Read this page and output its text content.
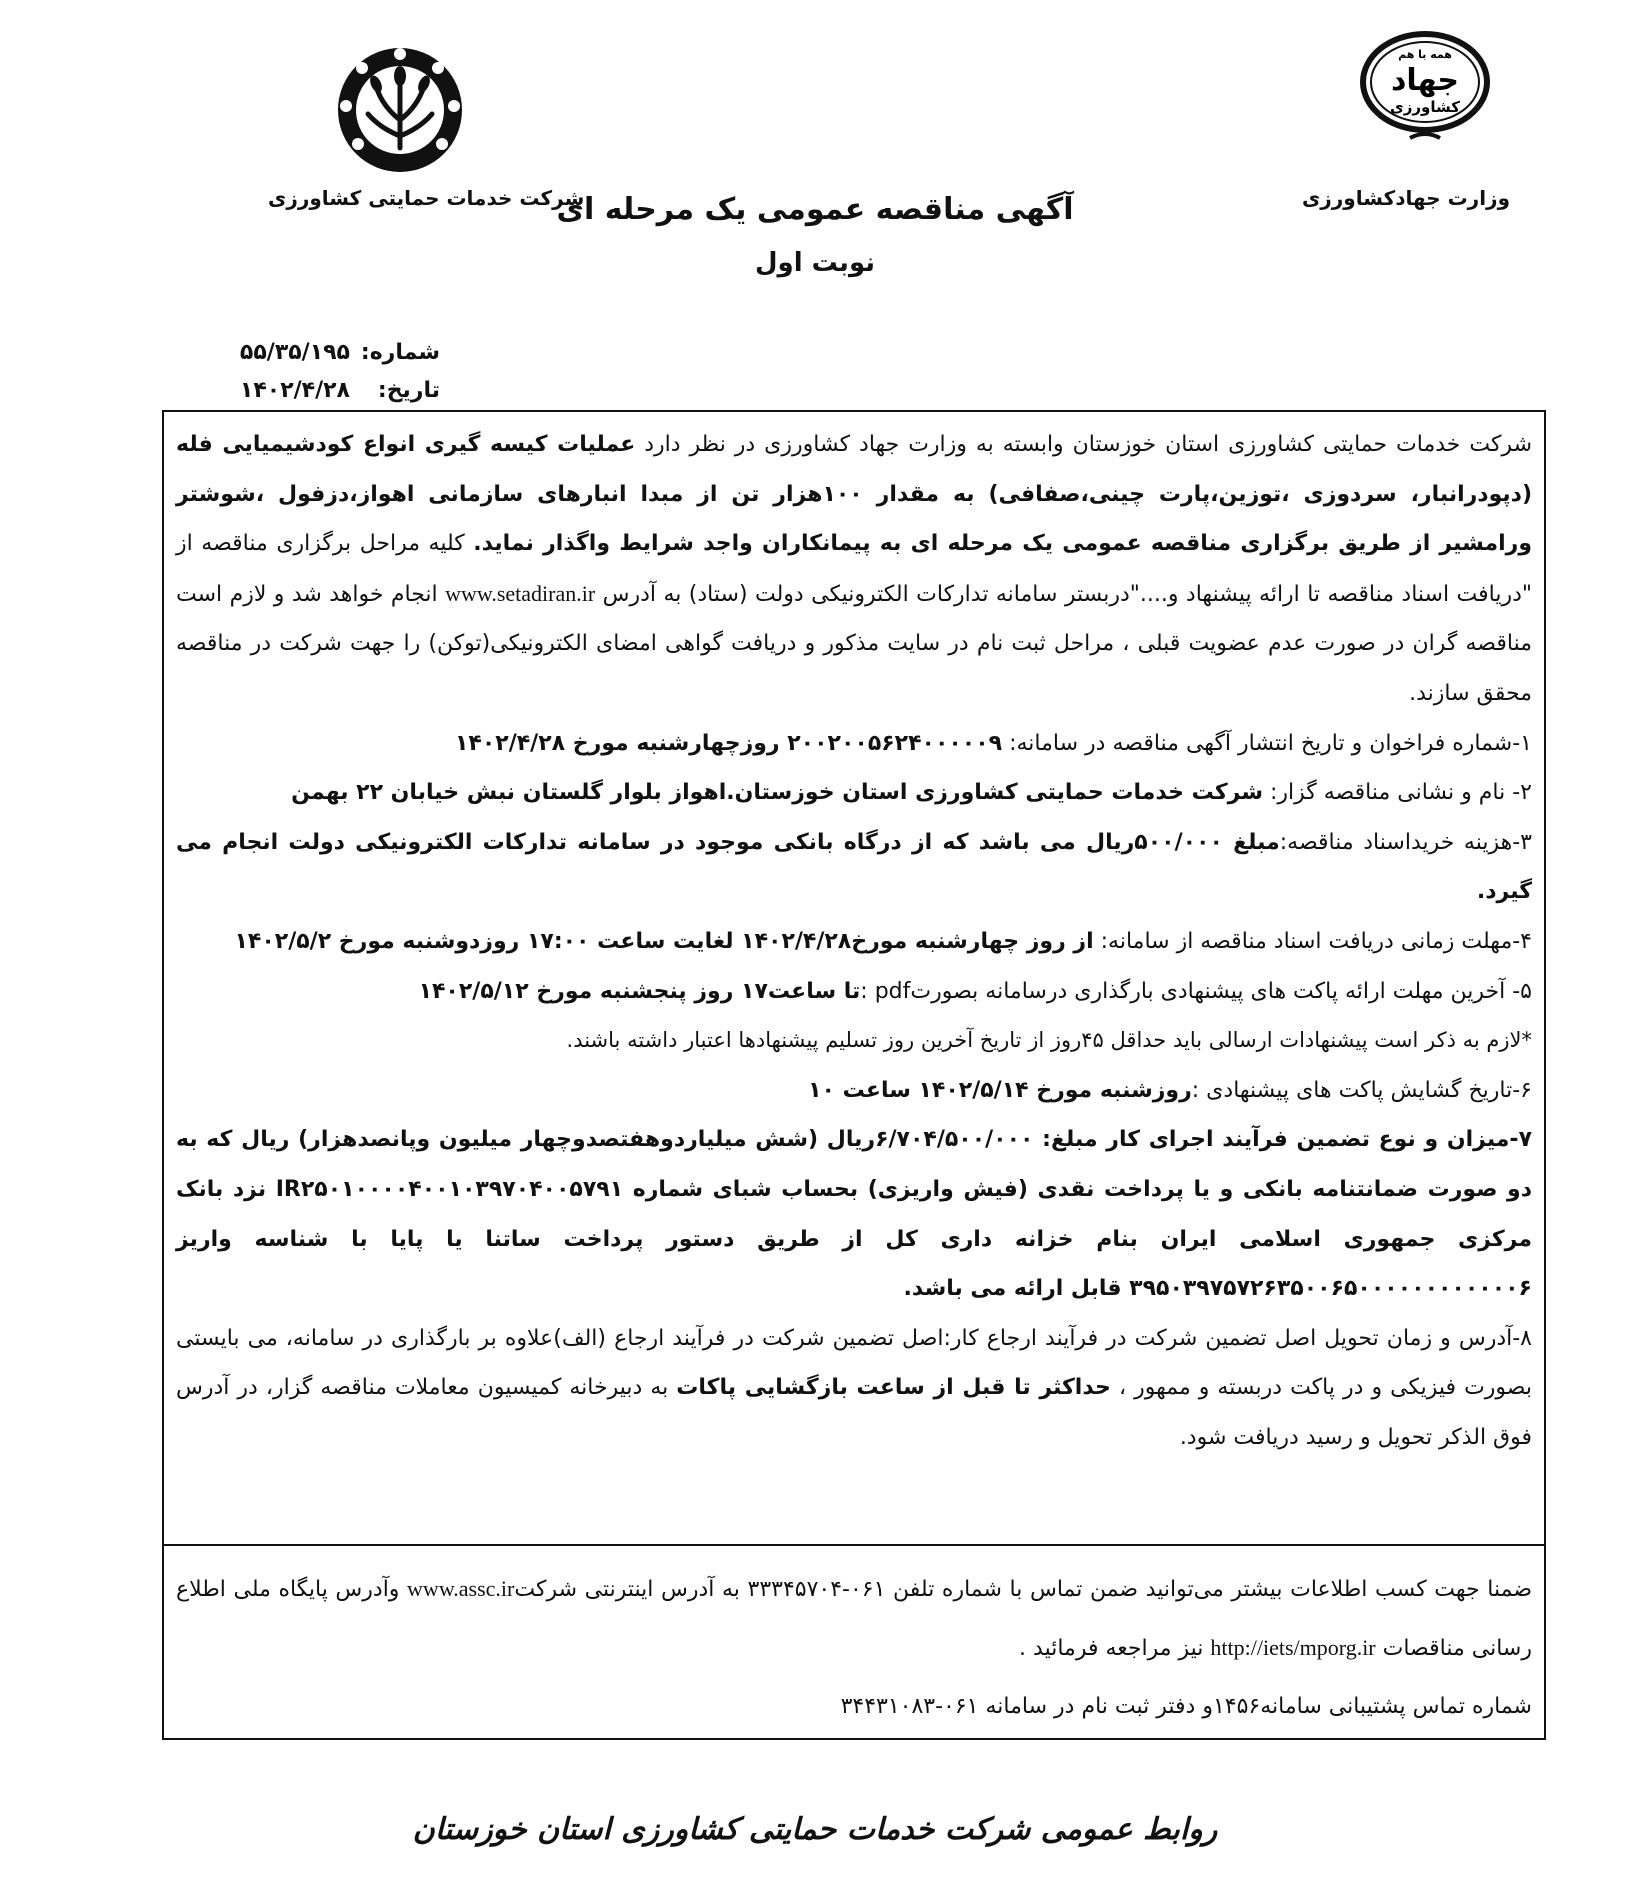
همه با هم
جهاد
کشاورزی
وزارت جهادکشاورزی
شرکت خدمات حمایتی کشاورزی
آگهی مناقصه عمومی یک مرحله ای
نوبت اول
شماره:۵۵/۳۵/۱۹۵
تاریخ:۱۴۰۲/۴/۲۸

شرکت خدمات حمایتی کشاورزی استان خوزستان وابسته به وزارت جهاد کشاورزی در نظر دارد عملیات کیسه گیری انواع کودشیمیایی فله (دپودرانبار، سردوزی ،توزین،پارت چینی،صفافی) به مقدار ۱۰۰هزار تن از مبدا انبارهای سازمانی اهواز،دزفول ،شوشتر ورامشیر از طریق برگزاری مناقصه عمومی یک مرحله ای به پیمانکاران واجد شرایط واگذار نماید. کلیه مراحل برگزاری مناقصه از "دریافت اسناد مناقصه تا ارائه پیشنهاد و...."دربستر سامانه تدارکات الکترونیکی دولت (ستاد) به آدرس www.setadiran.ir انجام خواهد شد و لازم است مناقصه گران در صورت عدم عضویت قبلی ، مراحل ثبت نام در سایت مذکور و دریافت گواهی امضای الکترونیکی(توکن) را جهت شرکت در مناقصه محقق سازند.

۱-شماره فراخوان و تاریخ انتشار آگهی مناقصه در سامانه: ۲۰۰۲۰۰۵۶۲۴۰۰۰۰۰۹ روزچهارشنبه مورخ ۱۴۰۲/۴/۲۸

۲- نام و نشانی مناقصه گزار: شرکت خدمات حمایتی کشاورزی استان خوزستان.اهواز بلوار گلستان نبش خیابان ۲۲ بهمن

۳-هزینه خریداسناد مناقصه:مبلغ ۵۰۰/۰۰۰ریال می باشد که از درگاه بانکی موجود در سامانه تدارکات الکترونیکی دولت انجام می گیرد.

۴-مهلت زمانی دریافت اسناد مناقصه از سامانه: از روز چهارشنبه مورخ۱۴۰۲/۴/۲۸ لغایت ساعت ۱۷:۰۰ روزدوشنبه مورخ ۱۴۰۲/۵/۲

۵- آخرین مهلت ارائه پاکت های پیشنهادی بارگذاری درسامانه بصورتpdf :تا ساعت۱۷ روز پنجشنبه مورخ ۱۴۰۲/۵/۱۲

*لازم به ذکر است پیشنهادات ارسالی باید حداقل ۴۵روز از تاریخ آخرین روز تسلیم پیشنهادها اعتبار داشته باشند.

۶-تاریخ گشایش پاکت های پیشنهادی :روزشنبه مورخ ۱۴۰۲/۵/۱۴ ساعت ۱۰

۷-میزان و نوع تضمین فرآیند اجرای کار مبلغ: ۶/۷۰۴/۵۰۰/۰۰۰ریال (شش میلیاردوهفتصدوچهار میلیون وپانصدهزار) ریال که به دو صورت ضمانتنامه بانکی و یا پرداخت نقدی (فیش واریزی) بحساب شبای شماره IR۲۵۰۱۰۰۰۰۴۰۰۱۰۳۹۷۰۴۰۰۵۷۹۱ نزد بانک مرکزی جمهوری اسلامی ایران بنام خزانه داری کل از طریق دستور پرداخت ساتنا یا پایا با شناسه واریز ۳۹۵۰۳۹۷۵۷۲۶۳۵۰۰۶۵۰۰۰۰۰۰۰۰۰۰۰۰۶ قابل ارائه می باشد.

۸-آدرس و زمان تحویل اصل تضمین شرکت در فرآیند ارجاع کار:اصل تضمین شرکت در فرآیند ارجاع (الف)علاوه بر بارگذاری در سامانه، می بایستی بصورت فیزیکی و در پاکت دربسته و ممهور ، حداکثر تا قبل از ساعت بازگشایی پاکات به دبیرخانه کمیسیون معاملات مناقصه گزار، در آدرس فوق الذکر تحویل و رسید دریافت شود.

ضمنا جهت کسب اطلاعات بیشتر می‌توانید ضمن تماس با شماره تلفن ۰۶۱-۳۳۳۴۵۷۰۴ به آدرس اینترنتی شرکتwww.assc.ir وآدرس پایگاه ملی اطلاع رسانی مناقصات http://iets/mporg.ir نیز مراجعه فرمائید .

شماره تماس پشتیبانی سامانه۱۴۵۶و دفتر ثبت نام در سامانه ۰۶۱-۳۴۴۳۱۰۸۳

روابط عمومی شرکت خدمات حمایتی کشاورزی استان خوزستان
